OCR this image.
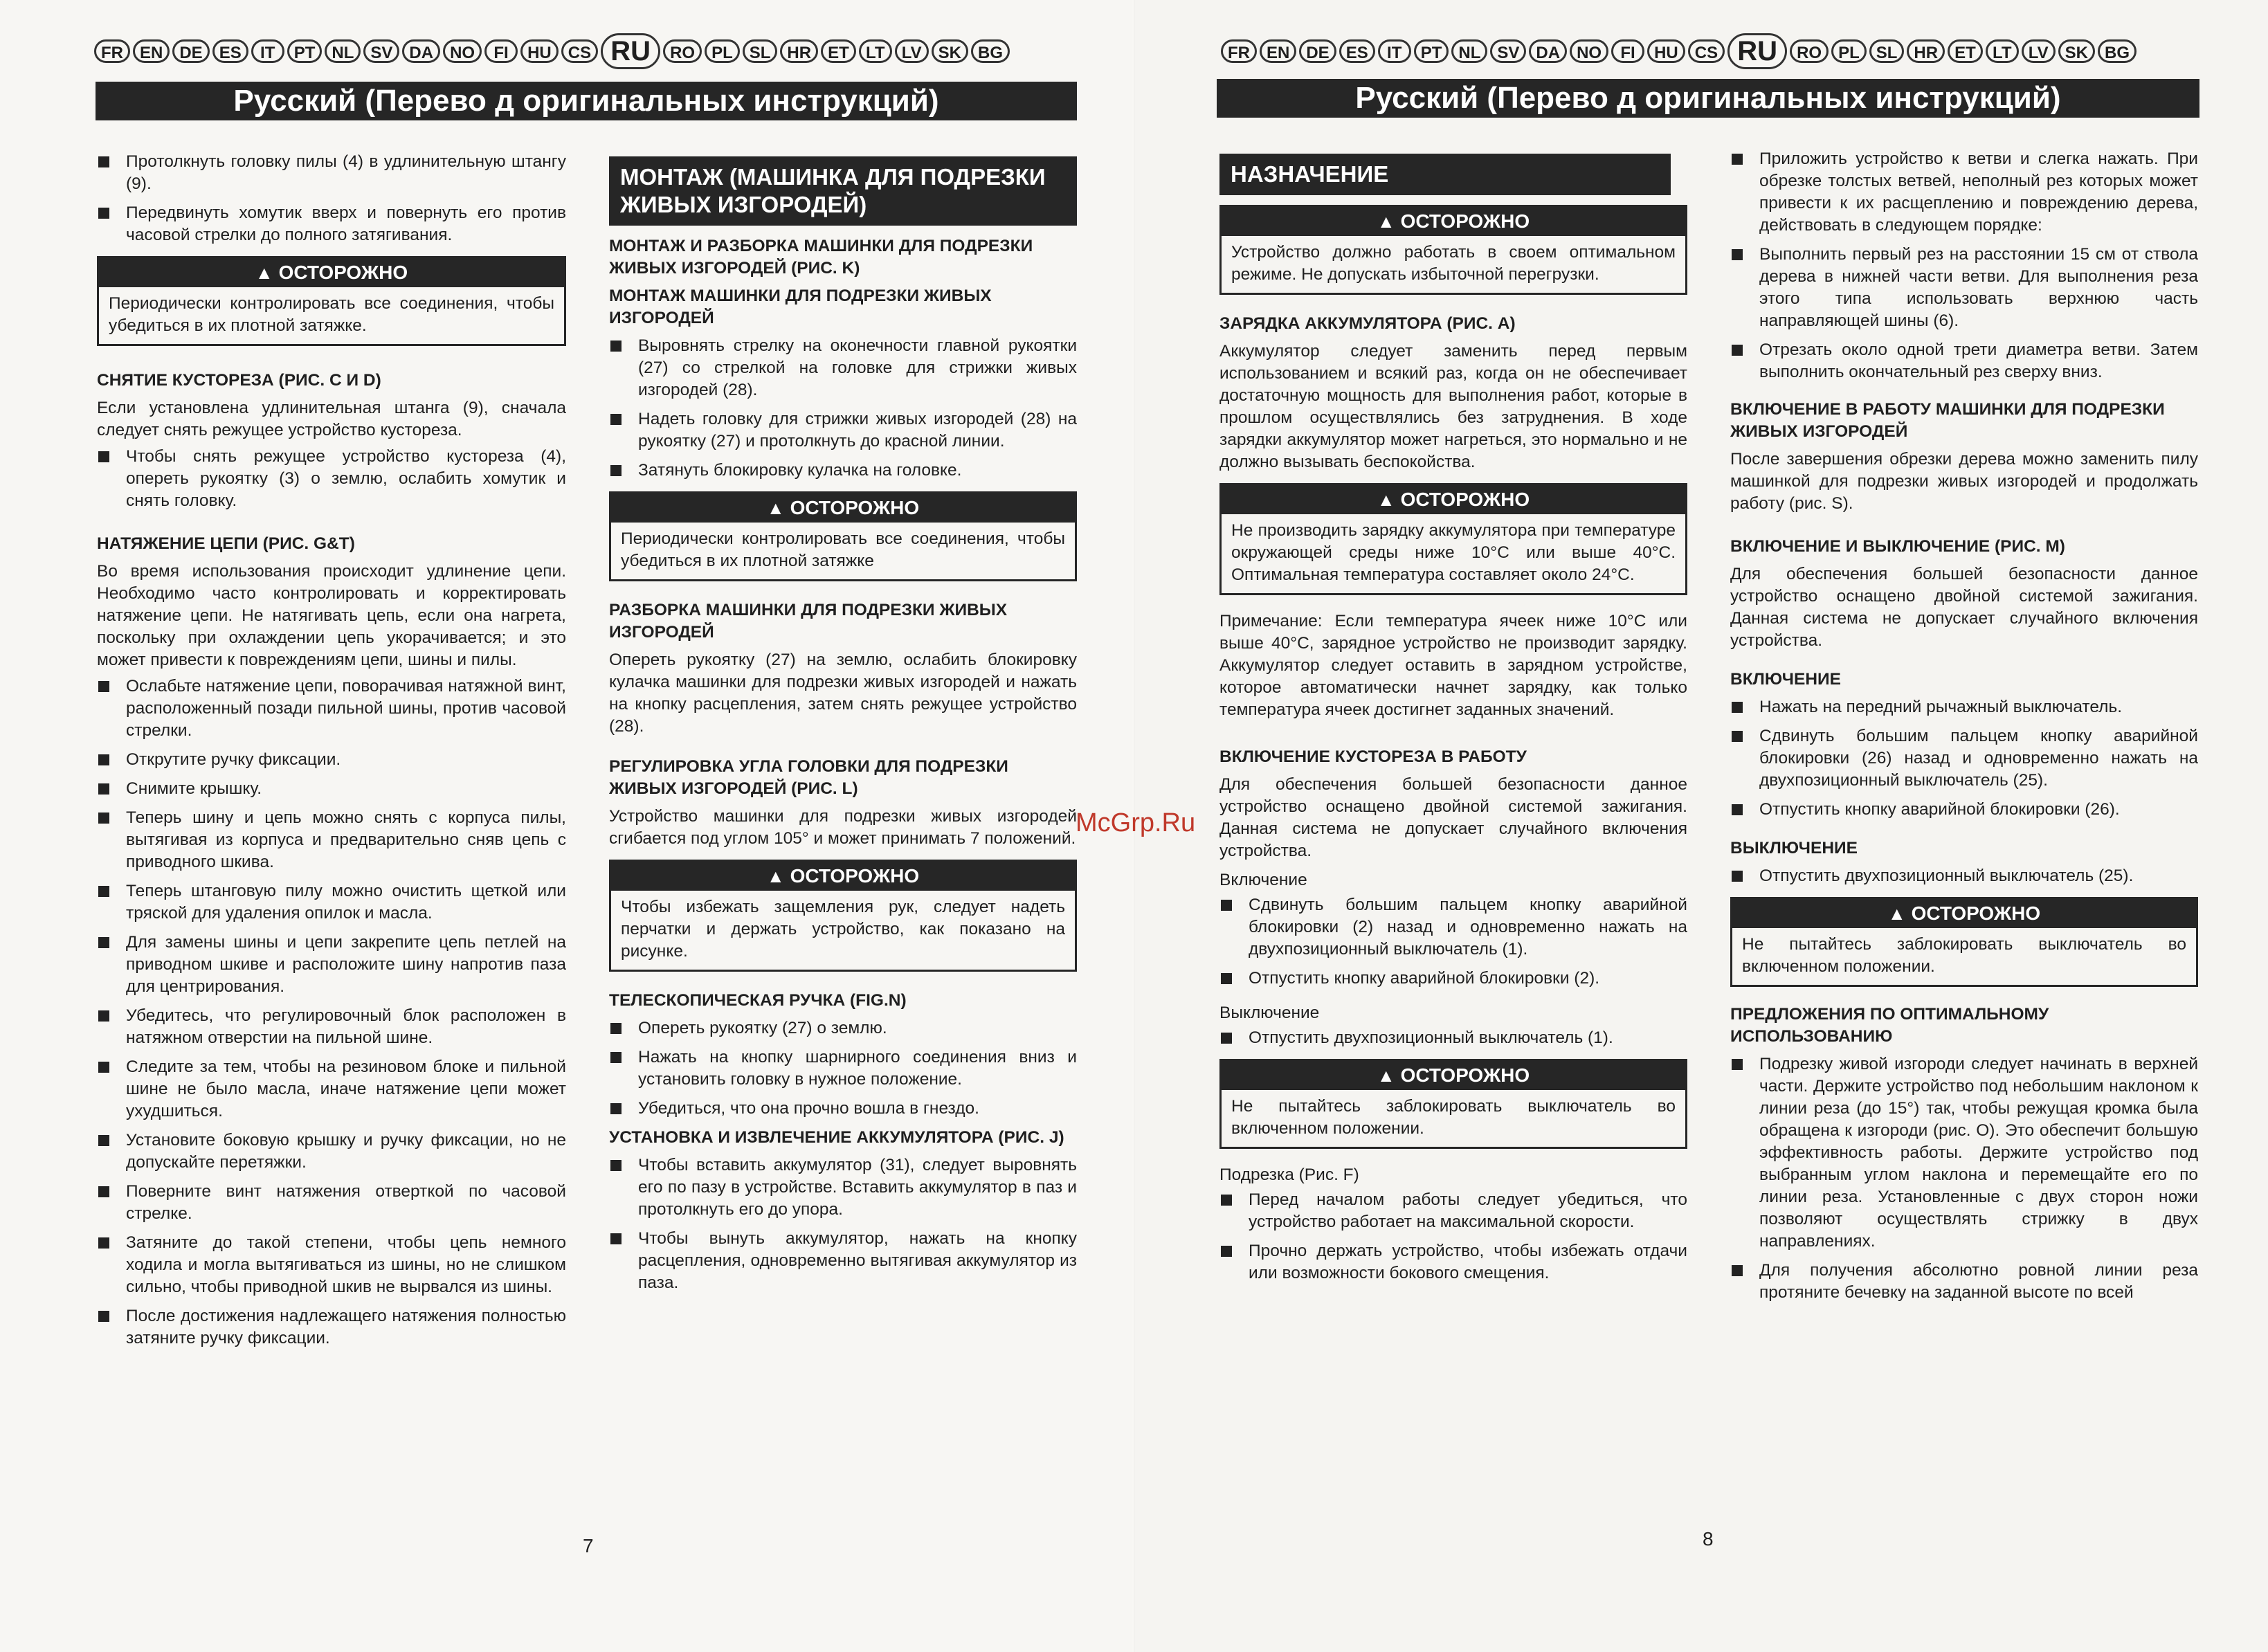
FR	EN	DE	ES	IT	PT	NL	SV	DA	NO	FI	HU	CS RU	RO	PL	SL	HR	ET	LT	LV	SK	BG
Русский (Перево д оригинальных инструкций)
Протолкнуть головку пилы (4) в удлинительную штангу (9).
Передвинуть хомутик вверх и повернуть его против часовой стрелки до полного затягивания.
▲ ОСТОРОЖНО
Периодически контролировать все соединения, чтобы убедиться в их плотной затяжке.
СНЯТИЕ КУСТОРЕЗА (РИС. C И D)

Если установлена удлинительная штанга (9), сначала следует снять режущее устройство кустореза.

Чтобы снять режущее устройство кустореза (4), опереть рукоятку (3) о землю, ослабить хомутик и снять головку.
НАТЯЖЕНИЕ ЦЕПИ (РИС. G&T)

Во время использования происходит удлинение цепи. Необходимо часто контролировать и корректировать натяжение цепи. Не натягивать цепь, если она нагрета, поскольку при охлаждении цепь укорачивается; и это может привести к повреждениям цепи, шины и пилы.

Ослабьте натяжение цепи, поворачивая натяжной винт, расположенный позади пильной шины, против часовой стрелки.
Открутите ручку фиксации.
Снимите крышку.
Теперь шину и цепь можно снять с корпуса пилы, вытягивая из корпуса и предварительно сняв цепь с приводного шкива.
Теперь штанговую пилу можно очистить щеткой или тряской для удаления опилок и масла.
Для замены шины и цепи закрепите цепь петлей на приводном шкиве и расположите шину напротив паза для центрирования.
Убедитесь, что регулировочный блок расположен в натяжном отверстии на пильной шине.
Следите за тем, чтобы на резиновом блоке и пильной шине не было масла, иначе натяжение цепи может ухудшиться.
Установите боковую крышку и ручку фиксации, но не допускайте перетяжки.
Поверните винт натяжения отверткой по часовой стрелке.
Затяните до такой степени, чтобы цепь немного ходила и могла вытягиваться из шины, но не слишком сильно, чтобы приводной шкив не вырвался из шины.
После достижения надлежащего натяжения полностью затяните ручку фиксации.
МОНТАЖ (МАШИНКА ДЛЯ ПОДРЕЗКИ ЖИВЫХ ИЗГОРОДЕЙ)
МОНТАЖ И РАЗБОРКА МАШИНКИ ДЛЯ ПОДРЕЗКИ ЖИВЫХ ИЗГОРОДЕЙ (РИС. K)
МОНТАЖ МАШИНКИ ДЛЯ ПОДРЕЗКИ ЖИВЫХ ИЗГОРОДЕЙ
Выровнять стрелку на оконечности главной рукоятки (27) со стрелкой на головке для стрижки живых изгородей (28).
Надеть головку для стрижки живых изгородей (28) на рукоятку (27) и протолкнуть до красной линии.
Затянуть блокировку кулачка на головке.
▲ ОСТОРОЖНО
Периодически контролировать все соединения, чтобы убедиться в их плотной затяжке
РАЗБОРКА МАШИНКИ ДЛЯ ПОДРЕЗКИ ЖИВЫХ ИЗГОРОДЕЙ

Опереть рукоятку (27) на землю, ослабить блокировку кулачка машинки для подрезки живых изгородей и нажать на кнопку расцепления, затем снять режущее устройство (28).

РЕГУЛИРОВКА УГЛА ГОЛОВКИ ДЛЯ ПОДРЕЗКИ ЖИВЫХ ИЗГОРОДЕЙ (РИС. L)

Устройство машинки для подрезки живых изгородей сгибается под углом 105° и может принимать 7 положений.

▲ ОСТОРОЖНО
Чтобы избежать защемления рук, следует надеть перчатки и держать устройство, как показано на рисунке.
ТЕЛЕСКОПИЧЕСКАЯ РУЧКА (FIG.N)
Опереть рукоятку (27) о землю.
Нажать на кнопку шарнирного соединения вниз и установить головку в нужное положение.
Убедиться, что она прочно вошла в гнездо.
УСТАНОВКА И ИЗВЛЕЧЕНИЕ АККУМУЛЯТОРА (РИС. J)
Чтобы вставить аккумулятор (31), следует выровнять его по пазу в устройстве. Вставить аккумулятор в паз и протолкнуть его до упора.
Чтобы вынуть аккумулятор, нажать на кнопку расцепления, одновременно вытягивая аккумулятор из паза.
7
FR	EN	DE	ES	IT	PT	NL	SV	DA	NO	FI	HU	CS RU	RO	PL	SL	HR	ET	LT	LV	SK	BG
Русский (Перево д оригинальных инструкций)
НАЗНАЧЕНИЕ
▲ ОСТОРОЖНО
Устройство должно работать в своем оптимальном режиме. Не допускать избыточной перегрузки.
ЗАРЯДКА АККУМУЛЯТОРА (РИС. A)

Аккумулятор следует заменить перед первым использованием и всякий раз, когда он не обеспечивает достаточную мощность для выполнения работ, которые в прошлом осуществлялись без затруднения. В ходе зарядки аккумулятор может нагреться, это нормально и не должно вызывать беспокойства.

▲ ОСТОРОЖНО
Не производить зарядку аккумулятора при температуре окружающей среды ниже 10°C или выше 40°C. Оптимальная температура составляет около 24°C.

Примечание: Если температура ячеек ниже 10°C или выше 40°C, зарядное устройство не производит зарядку. Аккумулятор следует оставить в зарядном устройстве, которое автоматически начнет зарядку, как только температура ячеек достигнет заданных значений.

ВКЛЮЧЕНИЕ КУСТОРЕЗА В РАБОТУ

Для обеспечения большей безопасности данное устройство оснащено двойной системой зажигания. Данная система не допускает случайного включения устройства.

Включение
Сдвинуть большим пальцем кнопку аварийной блокировки (2) назад и одновременно нажать на двухпозиционный выключатель (1).
Отпустить кнопку аварийной блокировки (2).
Выключение
Отпустить двухпозиционный выключатель (1).
▲ ОСТОРОЖНО
Не пытайтесь заблокировать выключатель во включенном положении.
Подрезка (Рис. F)
Перед началом работы следует убедиться, что устройство работает на максимальной скорости.
Прочно держать устройство, чтобы избежать отдачи или возможности бокового смещения.
Приложить устройство к ветви и слегка нажать. При обрезке толстых ветвей, неполный рез которых может привести к их расщеплению и повреждению дерева, действовать в следующем порядке:
Выполнить первый рез на расстоянии 15 см от ствола дерева в нижней части ветви. Для выполнения реза этого типа использовать верхнюю часть направляющей шины (6).
Отрезать около одной трети диаметра ветви. Затем выполнить окончательный рез сверху вниз.
ВКЛЮЧЕНИЕ В РАБОТУ МАШИНКИ ДЛЯ ПОДРЕЗКИ ЖИВЫХ ИЗГОРОДЕЙ

После завершения обрезки дерева можно заменить пилу машинкой для подрезки живых изгородей и продолжать работу (рис. S).

ВКЛЮЧЕНИЕ И ВЫКЛЮЧЕНИЕ (РИС. M)

Для обеспечения большей безопасности данное устройство оснащено двойной системой зажигания. Данная система не допускает случайного включения устройства.

ВКЛЮЧЕНИЕ
Нажать на передний рычажный выключатель.
Сдвинуть большим пальцем кнопку аварийной блокировки (26) назад и одновременно нажать на двухпозиционный выключатель (25).
Отпустить кнопку аварийной блокировки (26).
ВЫКЛЮЧЕНИЕ
Отпустить двухпозиционный выключатель (25).
▲ ОСТОРОЖНО
Не пытайтесь заблокировать выключатель во включенном положении.
ПРЕДЛОЖЕНИЯ ПО ОПТИМАЛЬНОМУ ИСПОЛЬЗОВАНИЮ
Подрезку живой изгороди следует начинать в верхней части. Держите устройство под небольшим наклоном к линии реза (до 15°) так, чтобы режущая кромка была обращена к изгороди (рис. O). Это обеспечит большую эффективность работы. Держите устройство под выбранным углом наклона и перемещайте его по линии реза. Установленные с двух сторон ножи позволяют осуществлять стрижку в двух направлениях.
Для получения абсолютно ровной линии реза протяните бечевку на заданной высоте по всей
8
McGrp.Ru
